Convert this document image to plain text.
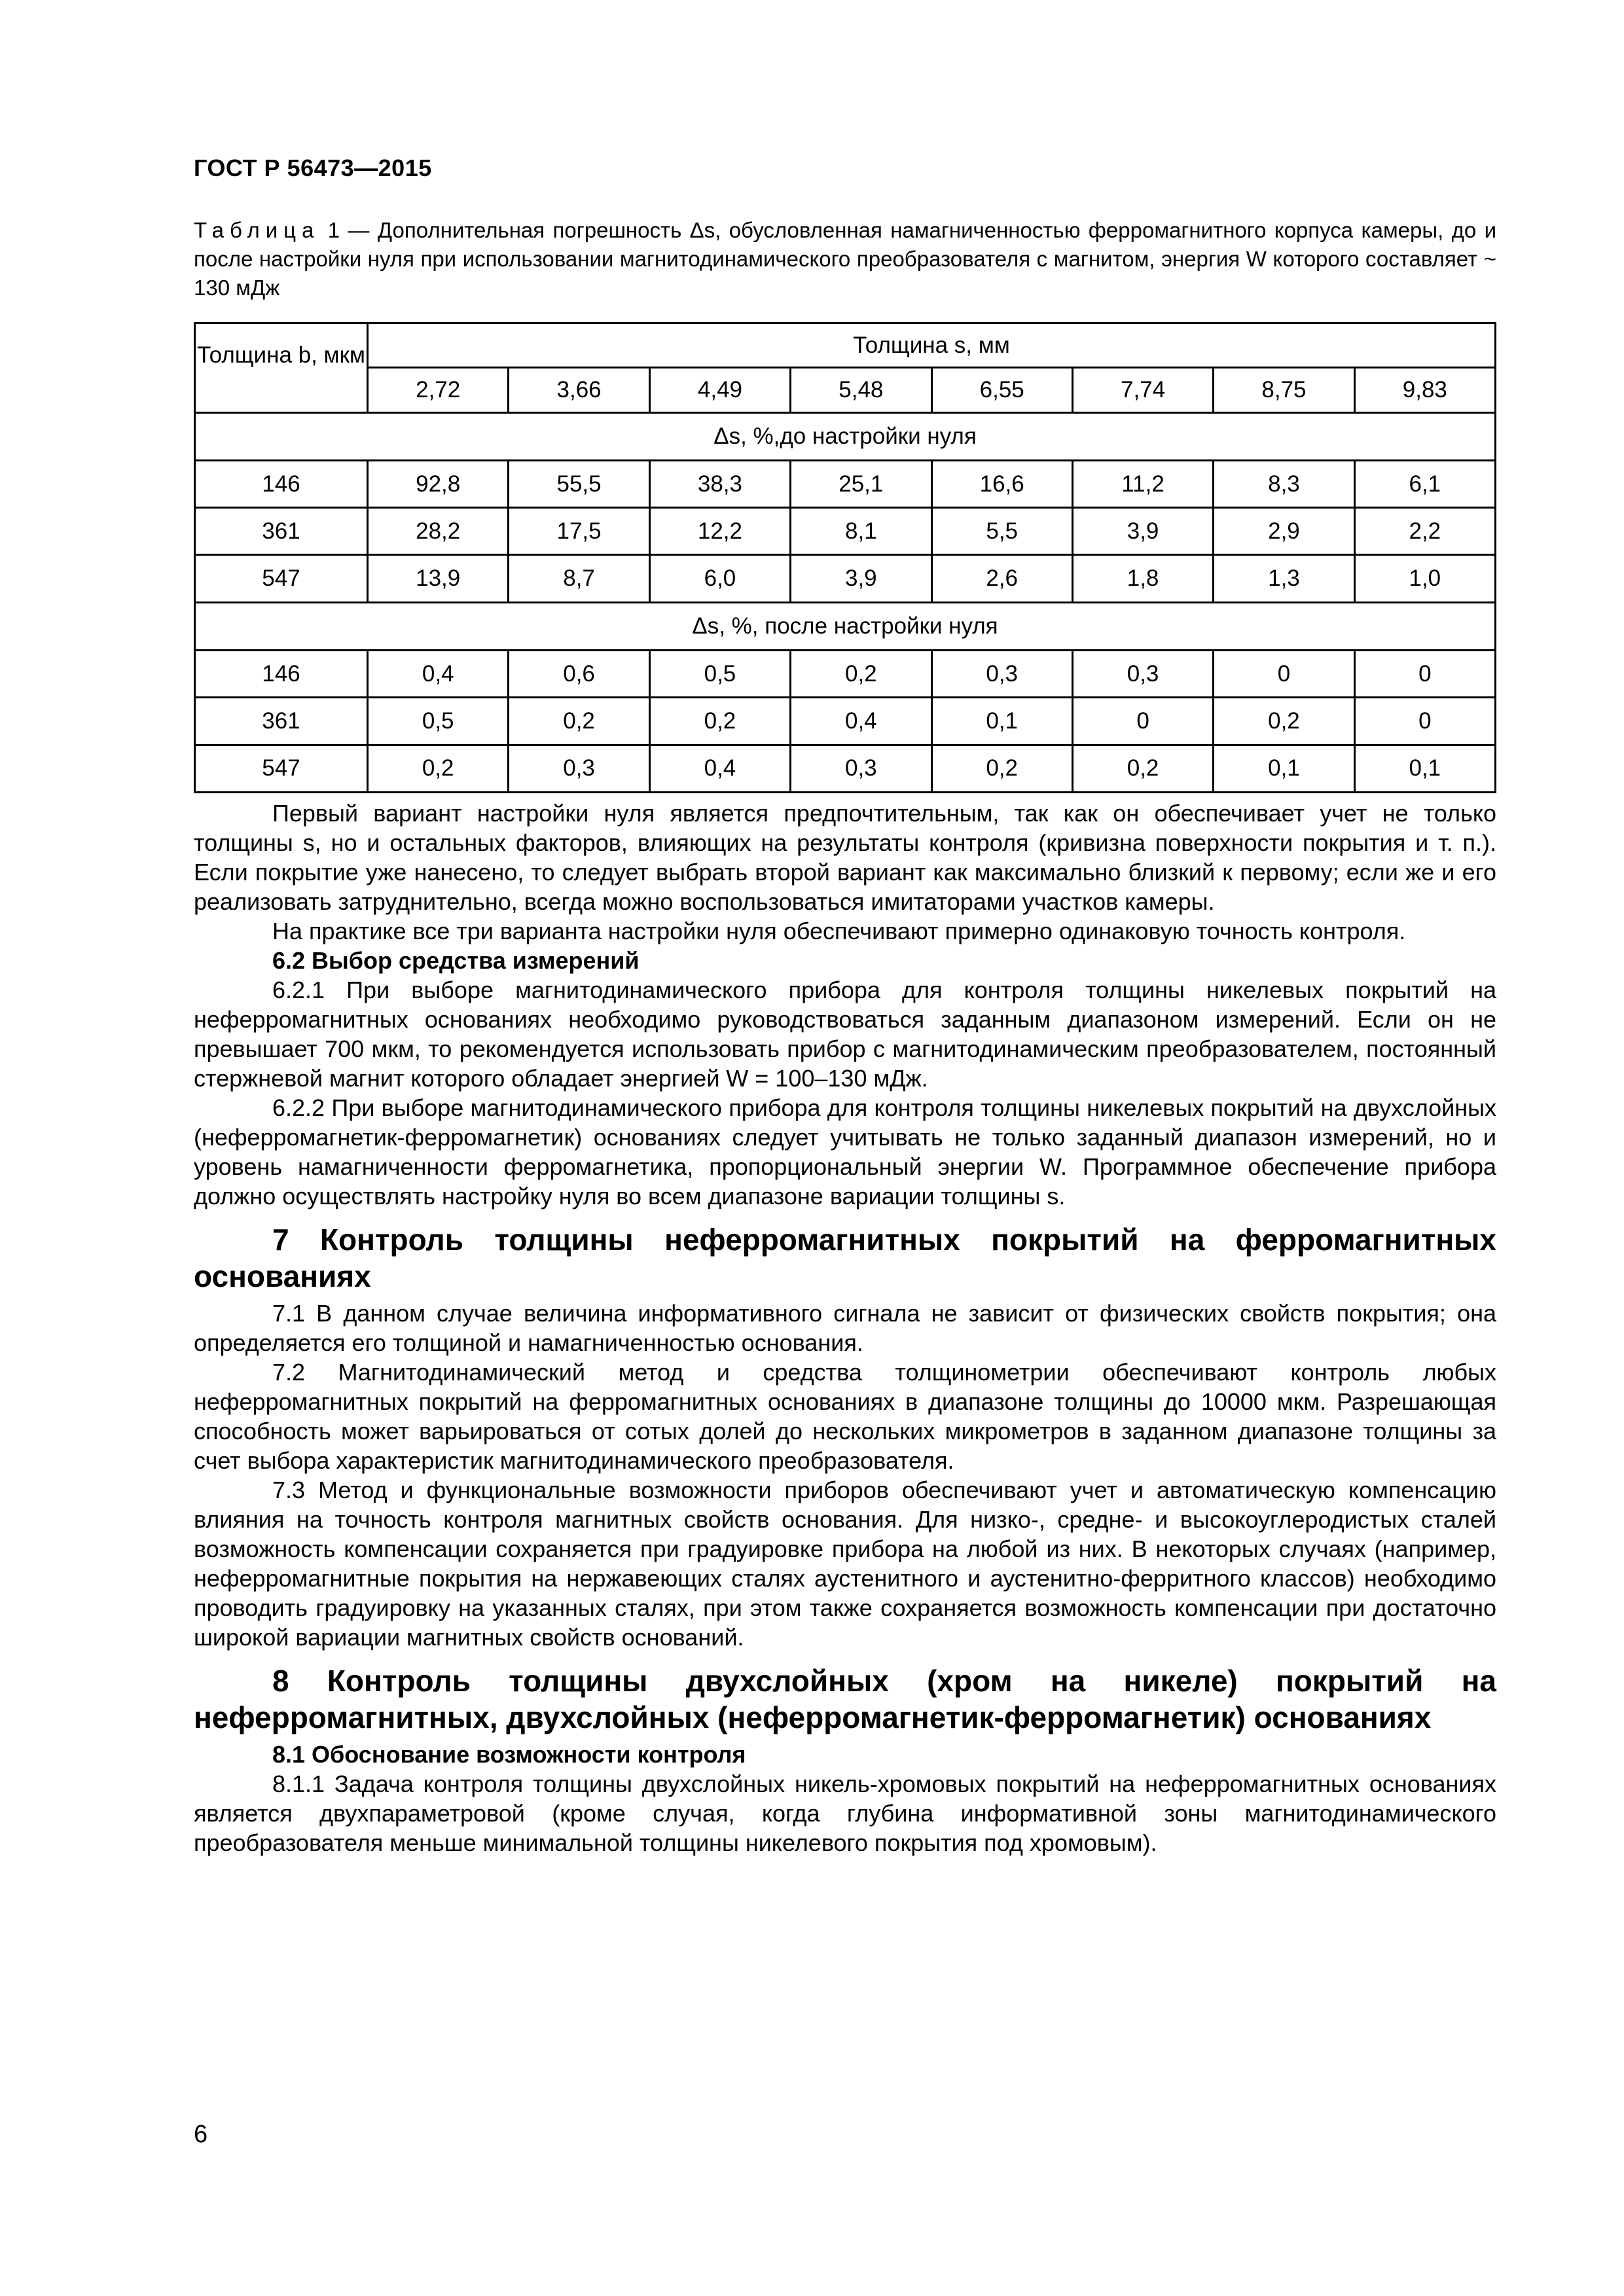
ГОСТ Р 56473—2015
Таблица 1 — Дополнительная погрешность Δs, обусловленная намагниченностью ферромагнитного корпуса камеры, до и после настройки нуля при использовании магнитодинамического преобразователя с магнитом, энергия W которого составляет ~ 130 мДж
Толщина b, мкм	Толщина s, мм							
	2,72	3,66	4,49	5,48	6,55	7,74	8,75	9,83
Δs, %,до настройки нуля								
146	92,8	55,5	38,3	25,1	16,6	11,2	8,3	6,1
361	28,2	17,5	12,2	8,1	5,5	3,9	2,9	2,2
547	13,9	8,7	6,0	3,9	2,6	1,8	1,3	1,0
Δs, %, после настройки нуля								
146	0,4	0,6	0,5	0,2	0,3	0,3	0	0
361	0,5	0,2	0,2	0,4	0,1	0	0,2	0
547	0,2	0,3	0,4	0,3	0,2	0,2	0,1	0,1

Первый вариант настройки нуля является предпочтительным, так как он обеспечивает учет не только толщины s, но и остальных факторов, влияющих на результаты контроля (кривизна поверхности покрытия и т. п.). Если покрытие уже нанесено, то следует выбрать второй вариант как максимально близкий к первому; если же и его реализовать затруднительно, всегда можно воспользоваться имитаторами участков камеры.

На практике все три варианта настройки нуля обеспечивают примерно одинаковую точность контроля.

6.2 Выбор средства измерений

6.2.1 При выборе магнитодинамического прибора для контроля толщины никелевых покрытий на неферромагнитных основаниях необходимо руководствоваться заданным диапазоном измерений. Если он не превышает 700 мкм, то рекомендуется использовать прибор с магнитодинамическим преобразователем, постоянный стержневой магнит которого обладает энергией W = 100–130 мДж.

6.2.2 При выборе магнитодинамического прибора для контроля толщины никелевых покрытий на двухслойных (неферромагнетик-ферромагнетик) основаниях следует учитывать не только заданный диапазон измерений, но и уровень намагниченности ферромагнетика, пропорциональный энергии W. Программное обеспечение прибора должно осуществлять настройку нуля во всем диапазоне вариации толщины s.

7 Контроль толщины неферромагнитных покрытий на ферромагнитных основаниях

7.1 В данном случае величина информативного сигнала не зависит от физических свойств покрытия; она определяется его толщиной и намагниченностью основания.

7.2 Магнитодинамический метод и средства толщинометрии обеспечивают контроль любых неферромагнитных покрытий на ферромагнитных основаниях в диапазоне толщины до 10000 мкм. Разрешающая способность может варьироваться от сотых долей до нескольких микрометров в заданном диапазоне толщины за счет выбора характеристик магнитодинамического преобразователя.

7.3 Метод и функциональные возможности приборов обеспечивают учет и автоматическую компенсацию влияния на точность контроля магнитных свойств основания. Для низко-, средне- и высокоуглеродистых сталей возможность компенсации сохраняется при градуировке прибора на любой из них. В некоторых случаях (например, неферромагнитные покрытия на нержавеющих сталях аустенитного и аустенитно-ферритного классов) необходимо проводить градуировку на указанных сталях, при этом также сохраняется возможность компенсации при достаточно широкой вариации магнитных свойств оснований.

8 Контроль толщины двухслойных (хром на никеле) покрытий на неферромагнитных, двухслойных (неферромагнетик-ферромагнетик) основаниях
8.1 Обоснование возможности контроля

8.1.1 Задача контроля толщины двухслойных никель-хромовых покрытий на неферромагнитных основаниях является двухпараметровой (кроме случая, когда глубина информативной зоны магнитодинамического преобразователя меньше минимальной толщины никелевого покрытия под хромовым).

6
